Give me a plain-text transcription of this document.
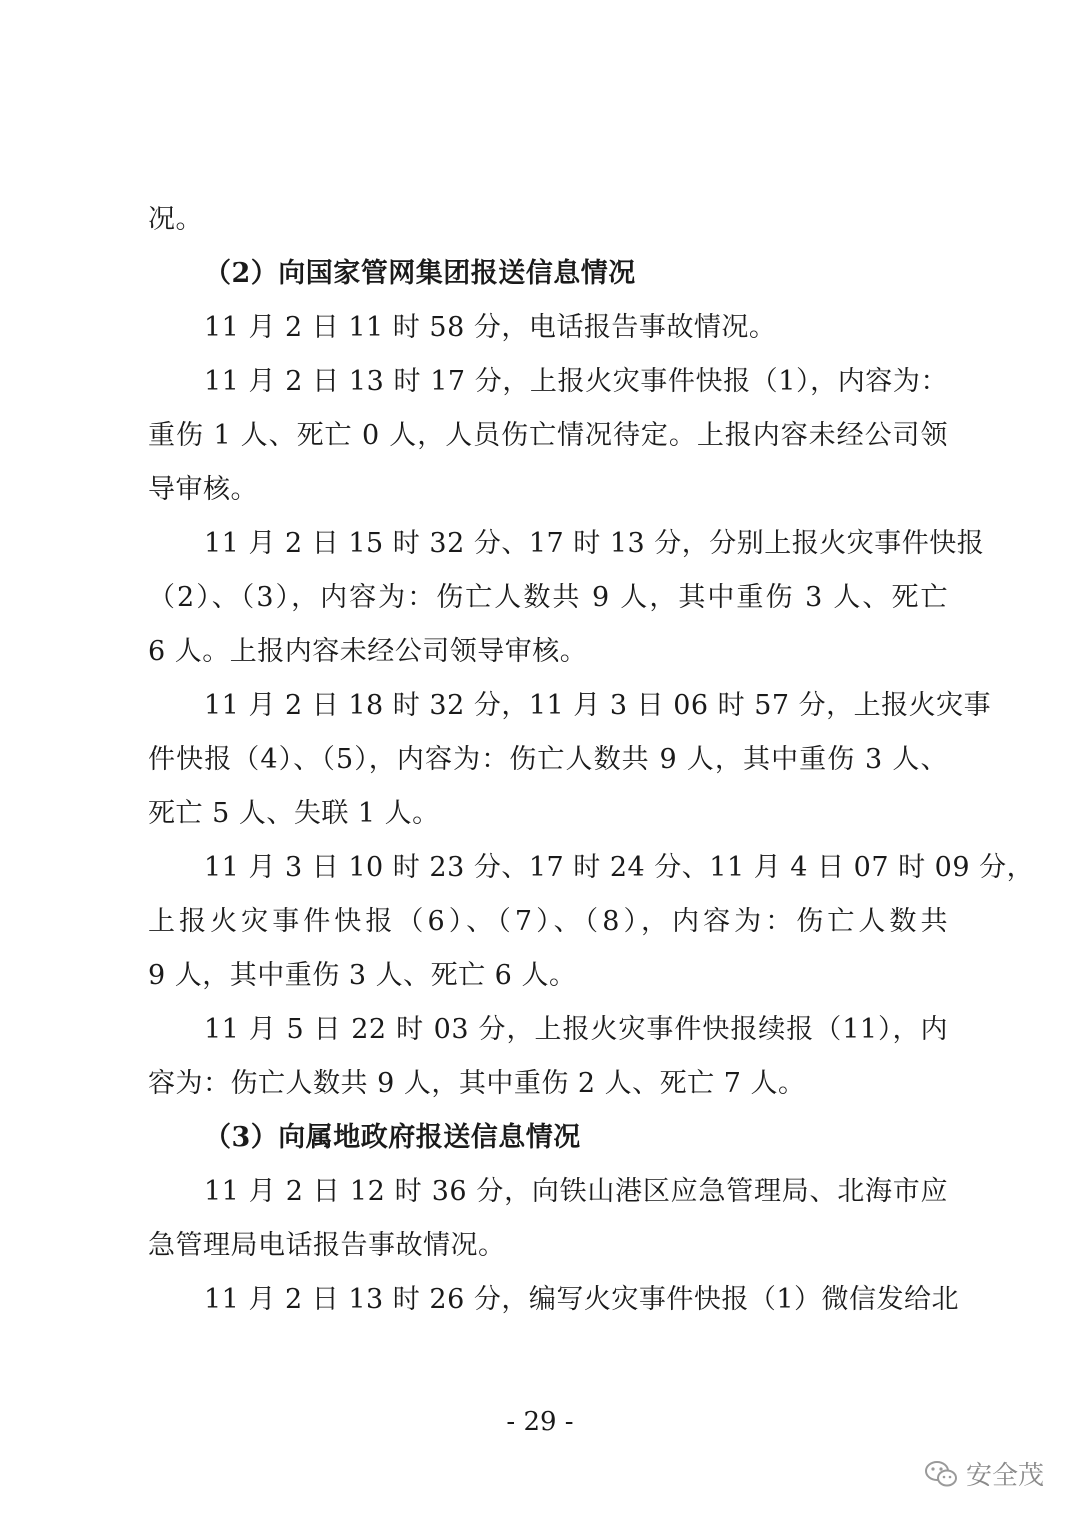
况。
（2）向国家管网集团报送信息情况
11 月 2 日 11 时 58 分，电话报告事故情况。
11 月 2 日 13 时 17 分，上报火灾事件快报（1），内容为：
重伤 1 人、死亡 0 人，人员伤亡情况待定。上报内容未经公司领
导审核。
11 月 2 日 15 时 32 分、17 时 13 分，分别上报火灾事件快报
（2）、（3），内容为：伤亡人数共 9 人，其中重伤 3 人、死亡
6 人。上报内容未经公司领导审核。
11 月 2 日 18 时 32 分，11 月 3 日 06 时 57 分，上报火灾事
件快报（4）、（5），内容为：伤亡人数共 9 人，其中重伤 3 人、
死亡 5 人、失联 1 人。
11 月 3 日 10 时 23 分、17 时 24 分、11 月 4 日 07 时 09 分，
上报火灾事件快报（6）、（7）、（8），内容为：伤亡人数共
9 人，其中重伤 3 人、死亡 6 人。
11 月 5 日 22 时 03 分，上报火灾事件快报续报（11），内
容为：伤亡人数共 9 人，其中重伤 2 人、死亡 7 人。
（3）向属地政府报送信息情况
11 月 2 日 12 时 36 分，向铁山港区应急管理局、北海市应
急管理局电话报告事故情况。
11 月 2 日 13 时 26 分，编写火灾事件快报（1）微信发给北
- 29 -
安全茂
